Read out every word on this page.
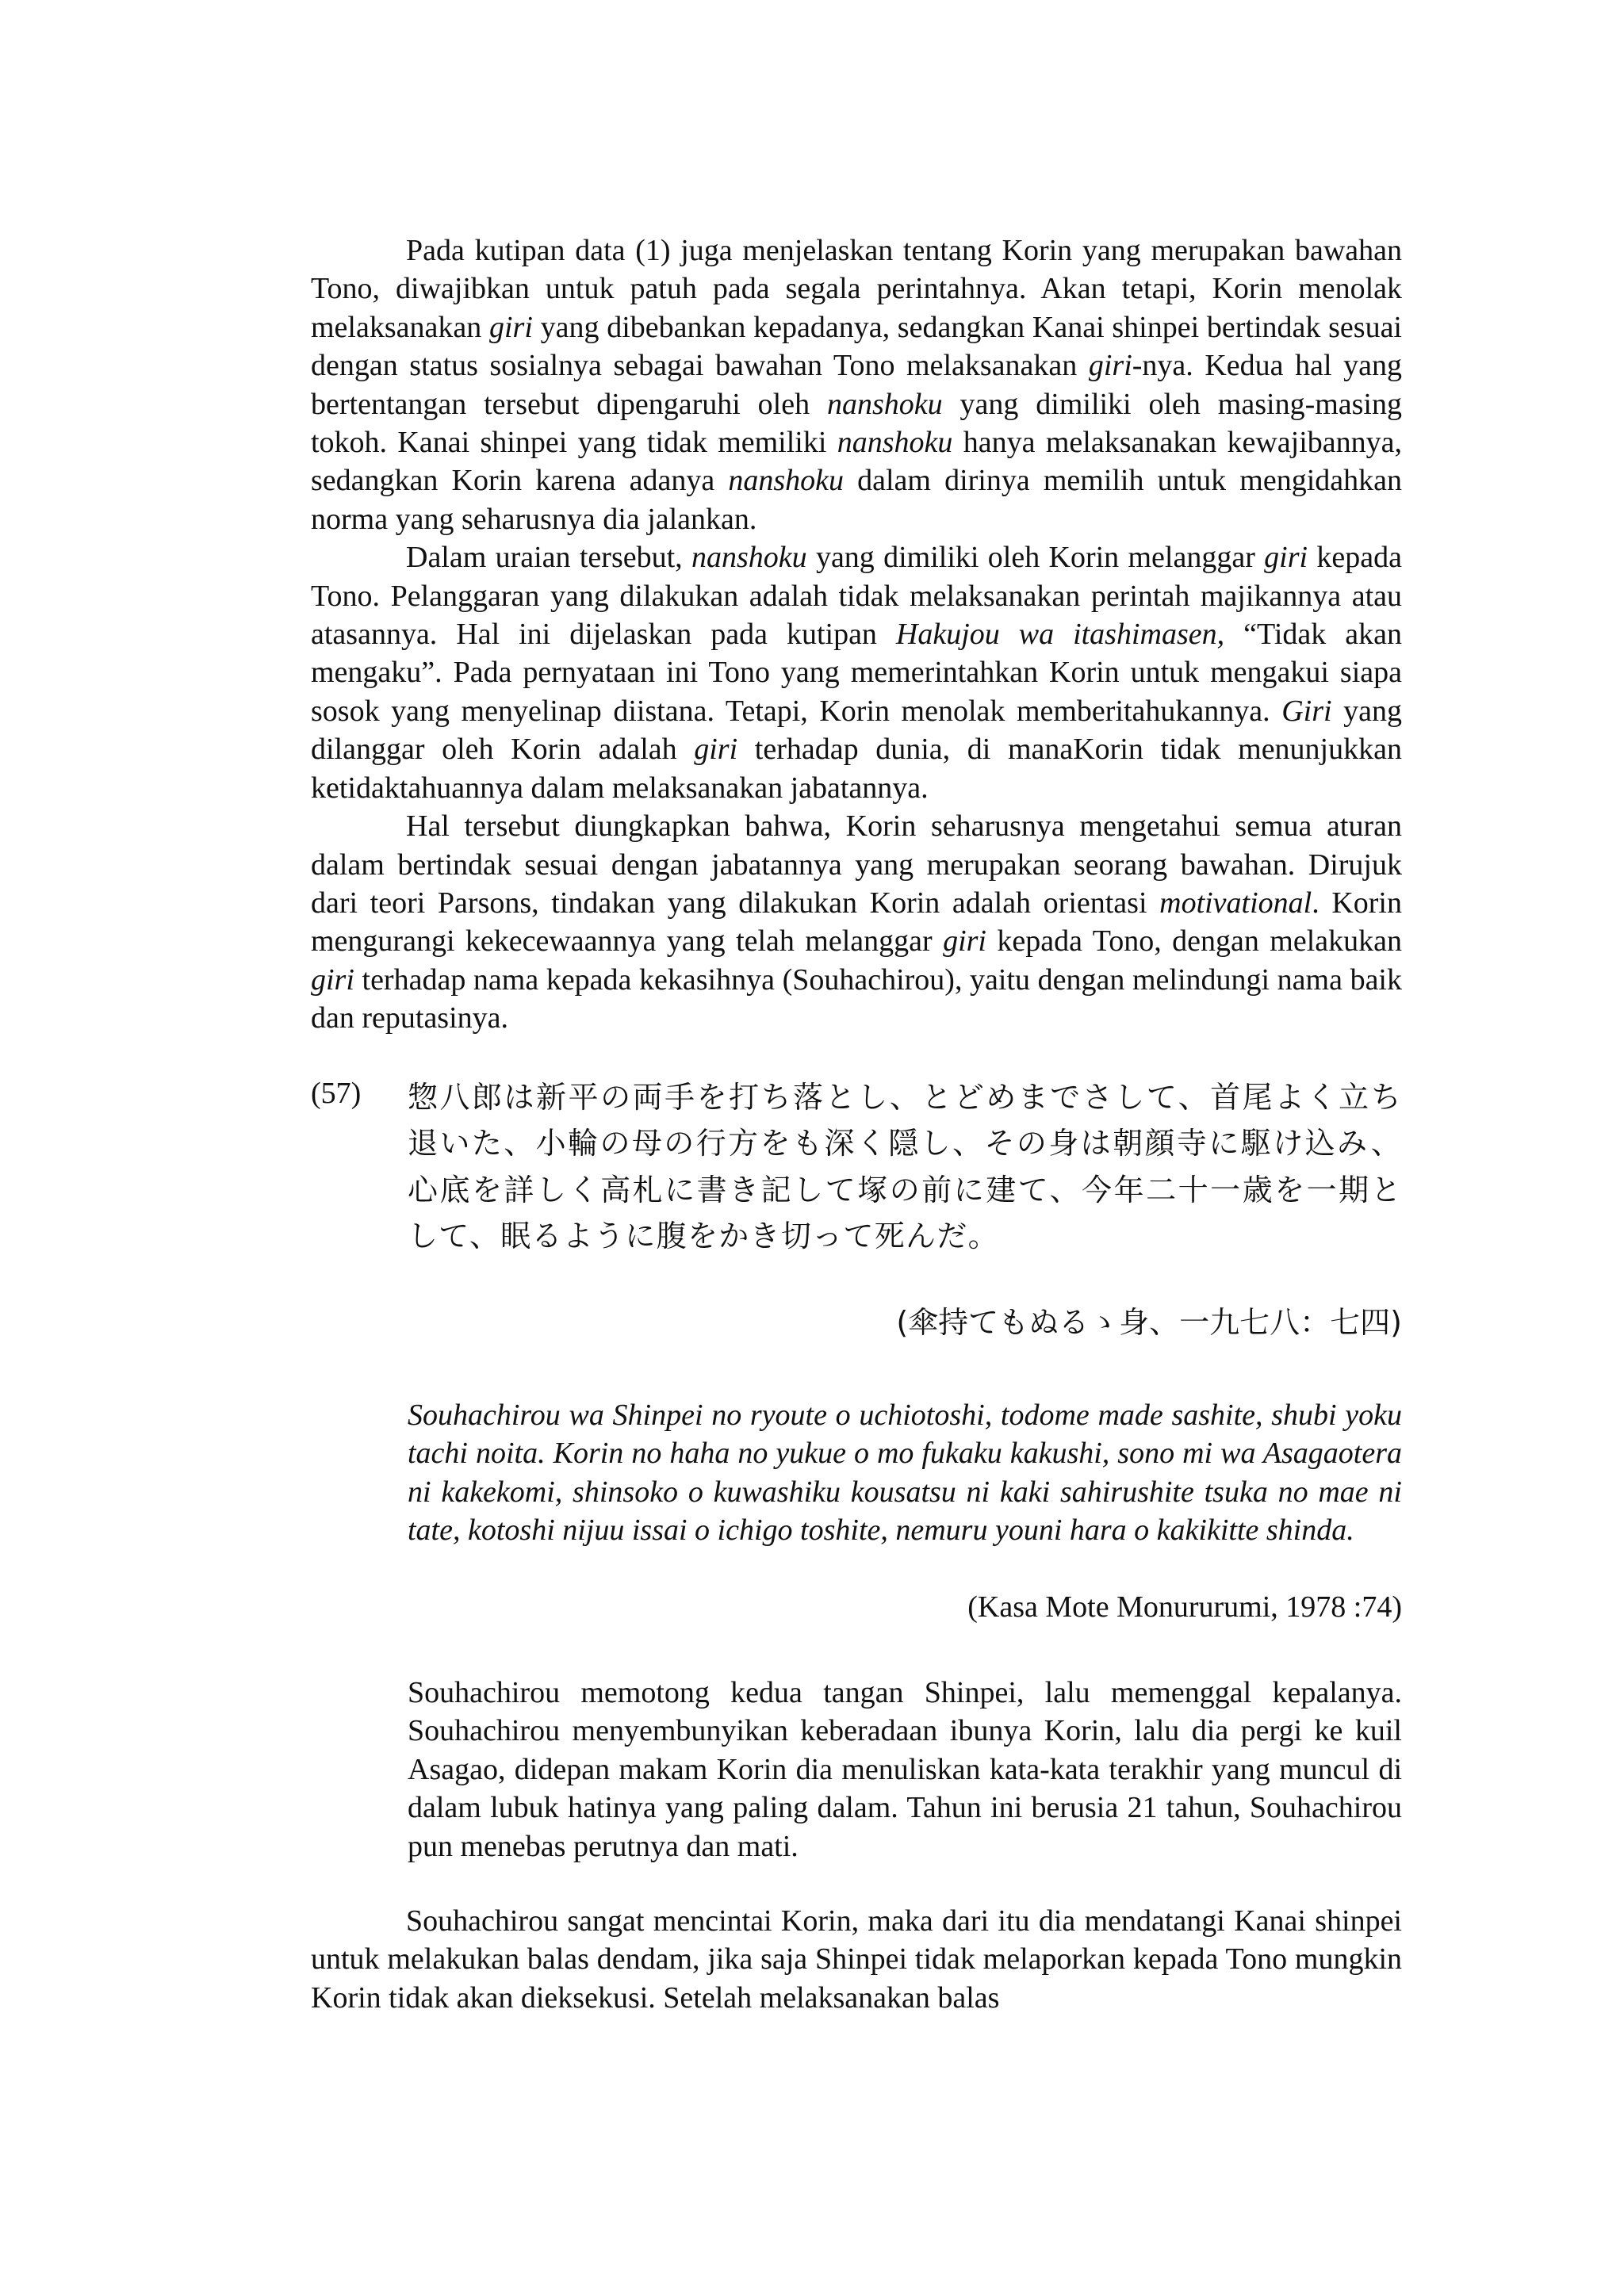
Pada kutipan data (1) juga menjelaskan tentang Korin yang merupakan bawahan Tono, diwajibkan untuk patuh pada segala perintahnya. Akan tetapi, Korin menolak melaksanakan giri yang dibebankan kepadanya, sedangkan Kanai shinpei bertindak sesuai dengan status sosialnya sebagai bawahan Tono melaksanakan giri-nya. Kedua hal yang bertentangan tersebut dipengaruhi oleh nanshoku yang dimiliki oleh masing-masing tokoh. Kanai shinpei yang tidak memiliki nanshoku hanya melaksanakan kewajibannya, sedangkan Korin karena adanya nanshoku dalam dirinya memilih untuk mengidahkan norma yang seharusnya dia jalankan.

Dalam uraian tersebut, nanshoku yang dimiliki oleh Korin melanggar giri kepada Tono. Pelanggaran yang dilakukan adalah tidak melaksanakan perintah majikannya atau atasannya. Hal ini dijelaskan pada kutipan Hakujou wa itashimasen, “Tidak akan mengaku”. Pada pernyataan ini Tono yang memerintahkan Korin untuk mengakui siapa sosok yang menyelinap diistana. Tetapi, Korin menolak memberitahukannya. Giri yang dilanggar oleh Korin adalah giri terhadap dunia, di manaKorin tidak menunjukkan ketidaktahuannya dalam melaksanakan jabatannya.

Hal tersebut diungkapkan bahwa, Korin seharusnya mengetahui semua aturan dalam bertindak sesuai dengan jabatannya yang merupakan seorang bawahan. Dirujuk dari teori Parsons, tindakan yang dilakukan Korin adalah orientasi motivational. Korin mengurangi kekecewaannya yang telah melanggar giri kepada Tono, dengan melakukan giri terhadap nama kepada kekasihnya (Souhachirou), yaitu dengan melindungi nama baik dan reputasinya.

(57)	惣八郎は新平の両手を打ち落とし、とどめまでさして、首尾よく立ち退いた、小輪の母の行方をも深く隠し、その身は朝顔寺に駆け込み、心底を詳しく高札に書き記して塚の前に建て、今年二十一歳を一期として、眠るように腹をかき切って死んだ。

(傘持てもぬるゝ身、一九七八：七四)

Souhachirou wa Shinpei no ryoute o uchiotoshi, todome made sashite, shubi yoku tachi noita. Korin no haha no yukue o mo fukaku kakushi, sono mi wa Asagaotera ni kakekomi, shinsoko o kuwashiku kousatsu ni kaki sahirushite tsuka no mae ni tate, kotoshi nijuu issai o ichigo toshite, nemuru youni hara o kakikitte shinda.

(Kasa Mote Monururumi, 1978 :74)

Souhachirou memotong kedua tangan Shinpei, lalu memenggal kepalanya. Souhachirou menyembunyikan keberadaan ibunya Korin, lalu dia pergi ke kuil Asagao, didepan makam Korin dia menuliskan kata-kata terakhir yang muncul di dalam lubuk hatinya yang paling dalam. Tahun ini berusia 21 tahun, Souhachirou pun menebas perutnya dan mati.

Souhachirou sangat mencintai Korin, maka dari itu dia mendatangi Kanai shinpei untuk melakukan balas dendam, jika saja Shinpei tidak melaporkan kepada Tono mungkin Korin tidak akan dieksekusi. Setelah melaksanakan balas
